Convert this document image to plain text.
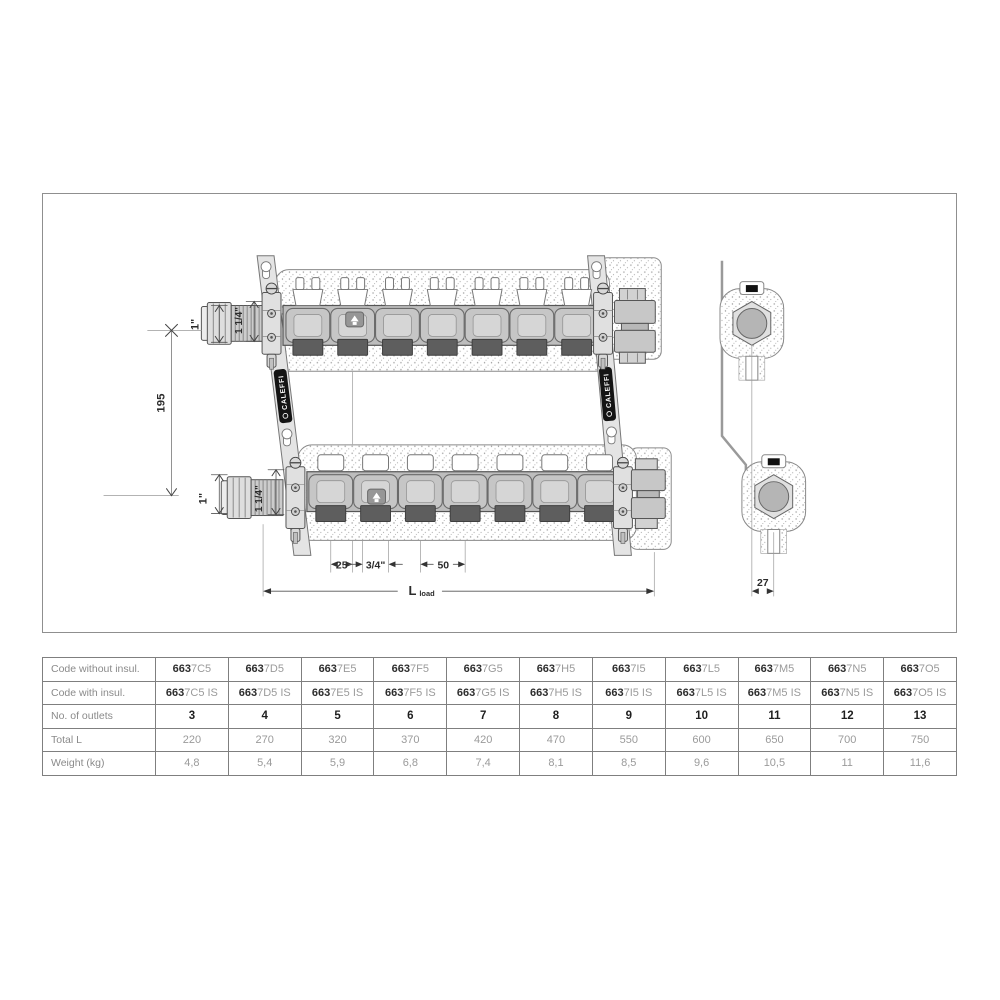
CALEFFI	CALEFFI
195
1"	1 1/4"
1"	1 1/4"
25 3/4"	50
L load
27
Code without insul.	6637C5	6637D5	6637E5	6637F5	6637G5	6637H5	6637I5	6637L5	6637M5	6637N5	6637O5
Code with insul.	6637C5 IS	6637D5 IS	6637E5 IS	6637F5 IS	6637G5 IS	6637H5 IS	6637I5 IS	6637L5 IS	6637M5 IS	6637N5 IS	6637O5 IS
No. of outlets	3	4	5	6	7	8	9	10	11	12	13
Total L	220	270	320	370	420	470	550	600	650	700	750
Weight (kg)	4,8	5,4	5,9	6,8	7,4	8,1	8,5	9,6	10,5	11	11,6
